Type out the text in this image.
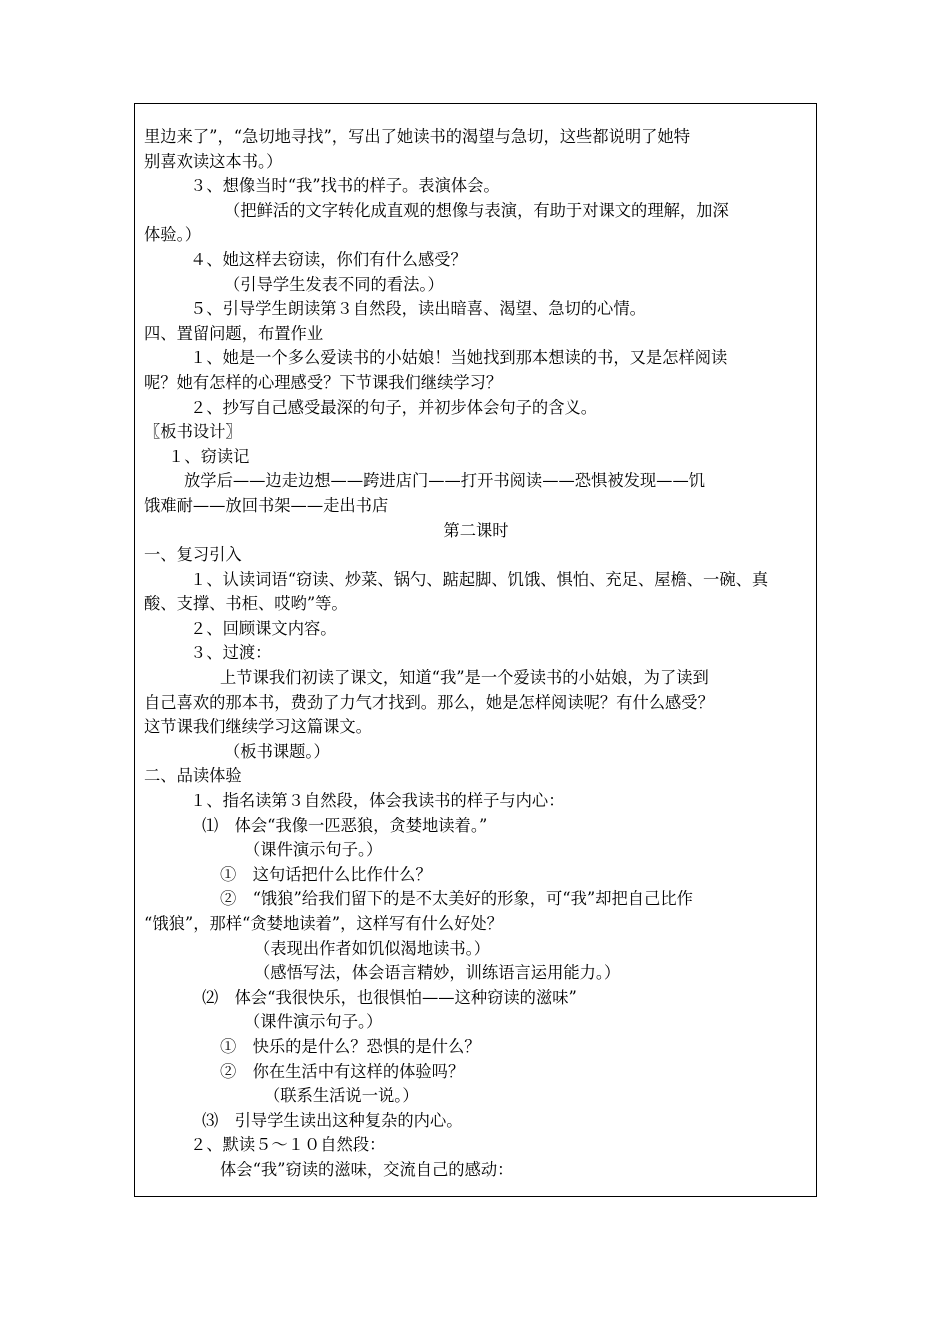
里边来了”，“急切地寻找”，写出了她读书的渴望与急切，这些都说明了她特
别喜欢读这本书。）
３、想像当时“我”找书的样子。表演体会。
（把鲜活的文字转化成直观的想像与表演，有助于对课文的理解，加深
体验。）
４、她这样去窃读，你们有什么感受？
（引导学生发表不同的看法。）
５、引导学生朗读第３自然段，读出暗喜、渴望、急切的心情。
四、置留问题，布置作业
１、她是一个多么爱读书的小姑娘！当她找到那本想读的书，又是怎样阅读
呢？她有怎样的心理感受？下节课我们继续学习？
２、抄写自己感受最深的句子，并初步体会句子的含义。
〖板书设计〗
１、窃读记
放学后——边走边想——跨进店门——打开书阅读——恐惧被发现——饥
饿难耐——放回书架——走出书店
第二课时
一、复习引入
１、认读词语“窃读、炒菜、锅勺、踮起脚、饥饿、惧怕、充足、屋檐、一碗、真
酸、支撑、书柜、哎哟”等。
２、回顾课文内容。
３、过渡：
上节课我们初读了课文，知道“我”是一个爱读书的小姑娘，为了读到
自己喜欢的那本书，费劲了力气才找到。那么，她是怎样阅读呢？有什么感受？
这节课我们继续学习这篇课文。
（板书课题。）
二、品读体验
１、指名读第３自然段，体会我读书的样子与内心：
⑴　体会“我像一匹恶狼，贪婪地读着。”
（课件演示句子。）
①　这句话把什么比作什么？
②　“饿狼”给我们留下的是不太美好的形象，可“我”却把自己比作
“饿狼”，那样“贪婪地读着”，这样写有什么好处？
（表现出作者如饥似渴地读书。）
（感悟写法，体会语言精妙，训练语言运用能力。）
⑵　体会“我很快乐，也很惧怕——这种窃读的滋味”
（课件演示句子。）
①　快乐的是什么？恐惧的是什么？
②　你在生活中有这样的体验吗？
（联系生活说一说。）
⑶　引导学生读出这种复杂的内心。
２、默读５～１０自然段：
体会“我”窃读的滋味，交流自己的感动：
